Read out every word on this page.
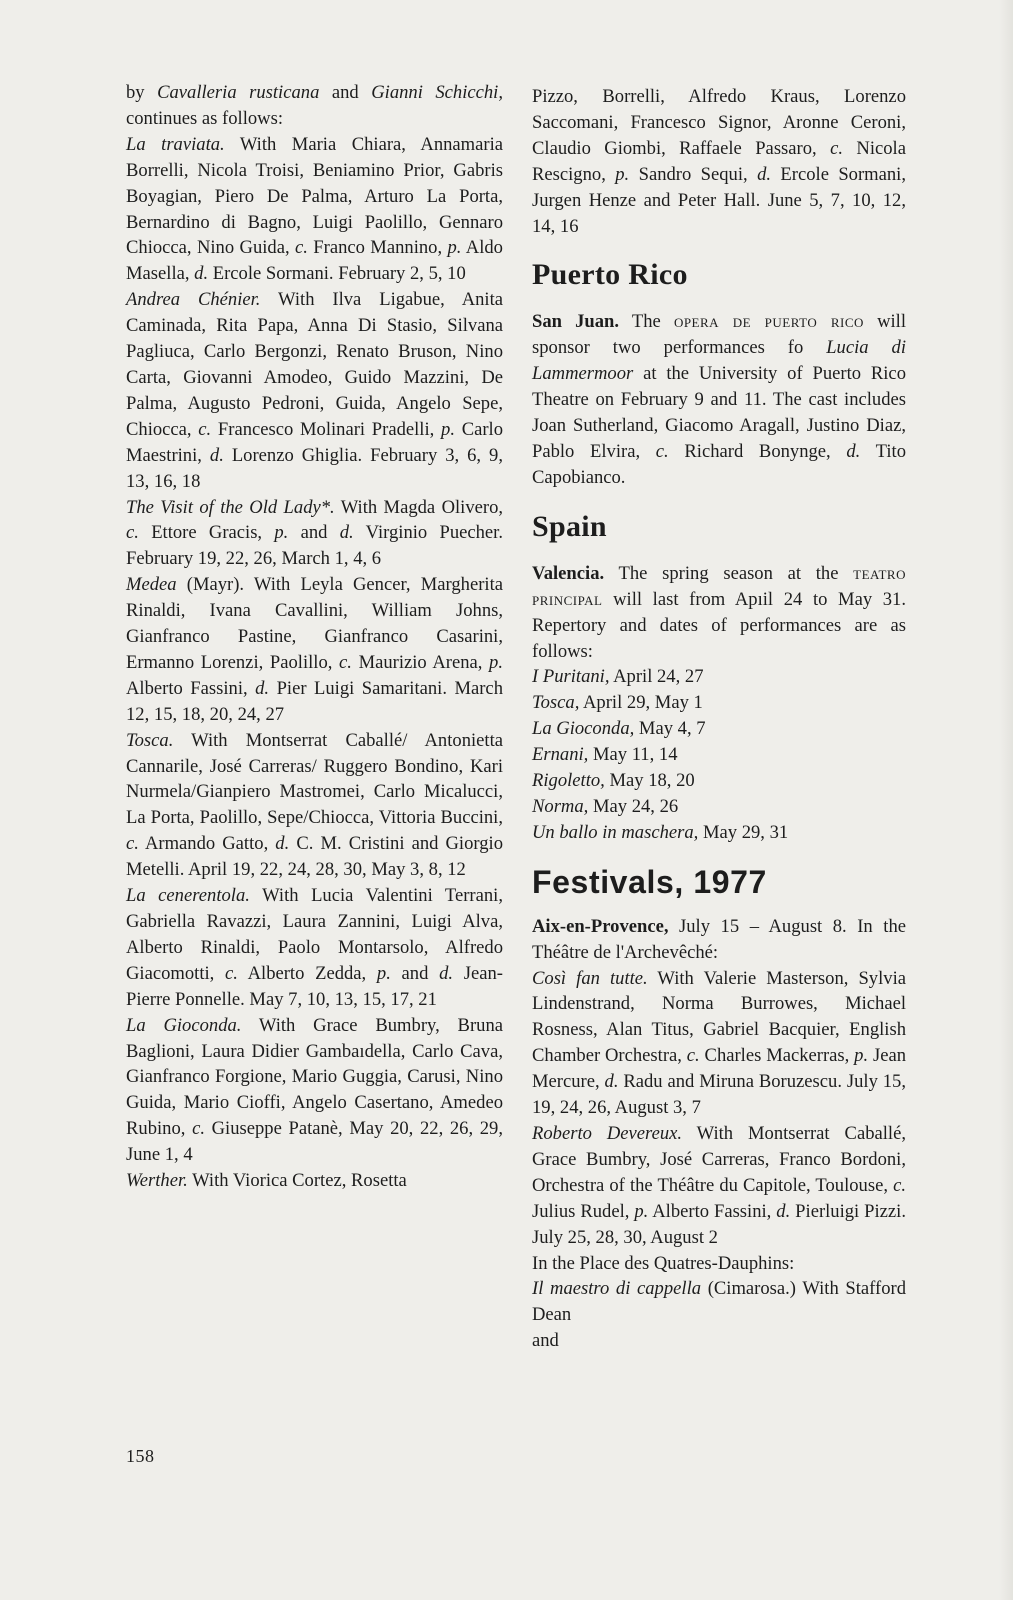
by Cavalleria rusticana and Gianni Schicchi, continues as follows:

La traviata. With Maria Chiara, Annamaria Borrelli, Nicola Troisi, Beniamino Prior, Gabris Boyagian, Piero De Palma, Arturo La Porta, Bernardino di Bagno, Luigi Paolillo, Gennaro Chiocca, Nino Guida, c. Franco Mannino, p. Aldo Masella, d. Ercole Sormani. February 2, 5, 10

Andrea Chénier. With Ilva Ligabue, Anita Caminada, Rita Papa, Anna Di Stasio, Silvana Pagliuca, Carlo Bergonzi, Renato Bruson, Nino Carta, Giovanni Amodeo, Guido Mazzini, De Palma, Augusto Pedroni, Guida, Angelo Sepe, Chiocca, c. Francesco Molinari Pradelli, p. Carlo Maestrini, d. Lorenzo Ghiglia. February 3, 6, 9, 13, 16, 18

The Visit of the Old Lady*. With Magda Olivero, c. Ettore Gracis, p. and d. Virginio Puecher. February 19, 22, 26, March 1, 4, 6

Medea (Mayr). With Leyla Gencer, Margherita Rinaldi, Ivana Cavallini, William Johns, Gianfranco Pastine, Gianfranco Casarini, Ermanno Lorenzi, Paolillo, c. Maurizio Arena, p. Alberto Fassini, d. Pier Luigi Samaritani. March 12, 15, 18, 20, 24, 27

Tosca. With Montserrat Caballé/ Antonietta Cannarile, José Carreras/ Ruggero Bondino, Kari Nurmela/Gianpiero Mastromei, Carlo Micalucci, La Porta, Paolillo, Sepe/Chiocca, Vittoria Buccini, c. Armando Gatto, d. C. M. Cristini and Giorgio Metelli. April 19, 22, 24, 28, 30, May 3, 8, 12

La cenerentola. With Lucia Valentini Terrani, Gabriella Ravazzi, Laura Zannini, Luigi Alva, Alberto Rinaldi, Paolo Montarsolo, Alfredo Giacomotti, c. Alberto Zedda, p. and d. Jean-Pierre Ponnelle. May 7, 10, 13, 15, 17, 21

La Gioconda. With Grace Bumbry, Bruna Baglioni, Laura Didier Gambaıdella, Carlo Cava, Gianfranco Forgione, Mario Guggia, Carusi, Nino Guida, Mario Cioffi, Angelo Casertano, Amedeo Rubino, c. Giuseppe Patanè, May 20, 22, 26, 29, June 1, 4

Werther. With Viorica Cortez, Rosetta

Pizzo, Borrelli, Alfredo Kraus, Lorenzo Saccomani, Francesco Signor, Aronne Ceroni, Claudio Giombi, Raffaele Passaro, c. Nicola Rescigno, p. Sandro Sequi, d. Ercole Sormani, Jurgen Henze and Peter Hall. June 5, 7, 10, 12, 14, 16

Puerto Rico

San Juan. The opera de puerto rico will sponsor two performances fo Lucia di Lammermoor at the University of Puerto Rico Theatre on February 9 and 11. The cast includes Joan Sutherland, Giacomo Aragall, Justino Diaz, Pablo Elvira, c. Richard Bonynge, d. Tito Capobianco.

Spain

Valencia. The spring season at the teatro principal will last from Apıil 24 to May 31. Repertory and dates of performances are as follows:

I Puritani, April 24, 27

Tosca, April 29, May 1

La Gioconda, May 4, 7

Ernani, May 11, 14

Rigoletto, May 18, 20

Norma, May 24, 26

Un ballo in maschera, May 29, 31

Festivals, 1977

Aix-en-Provence, July 15 – August 8. In the Théâtre de l'Archevêché:

Così fan tutte. With Valerie Masterson, Sylvia Lindenstrand, Norma Burrowes, Michael Rosness, Alan Titus, Gabriel Bacquier, English Chamber Orchestra, c. Charles Mackerras, p. Jean Mercure, d. Radu and Miruna Boruzescu. July 15, 19, 24, 26, August 3, 7

Roberto Devereux. With Montserrat Caballé, Grace Bumbry, José Carreras, Franco Bordoni, Orchestra of the Théâtre du Capitole, Toulouse, c. Julius Rudel, p. Alberto Fassini, d. Pierluigi Pizzi. July 25, 28, 30, August 2

In the Place des Quatres-Dauphins:

Il maestro di cappella (Cimarosa.) With Stafford Dean

and

158
